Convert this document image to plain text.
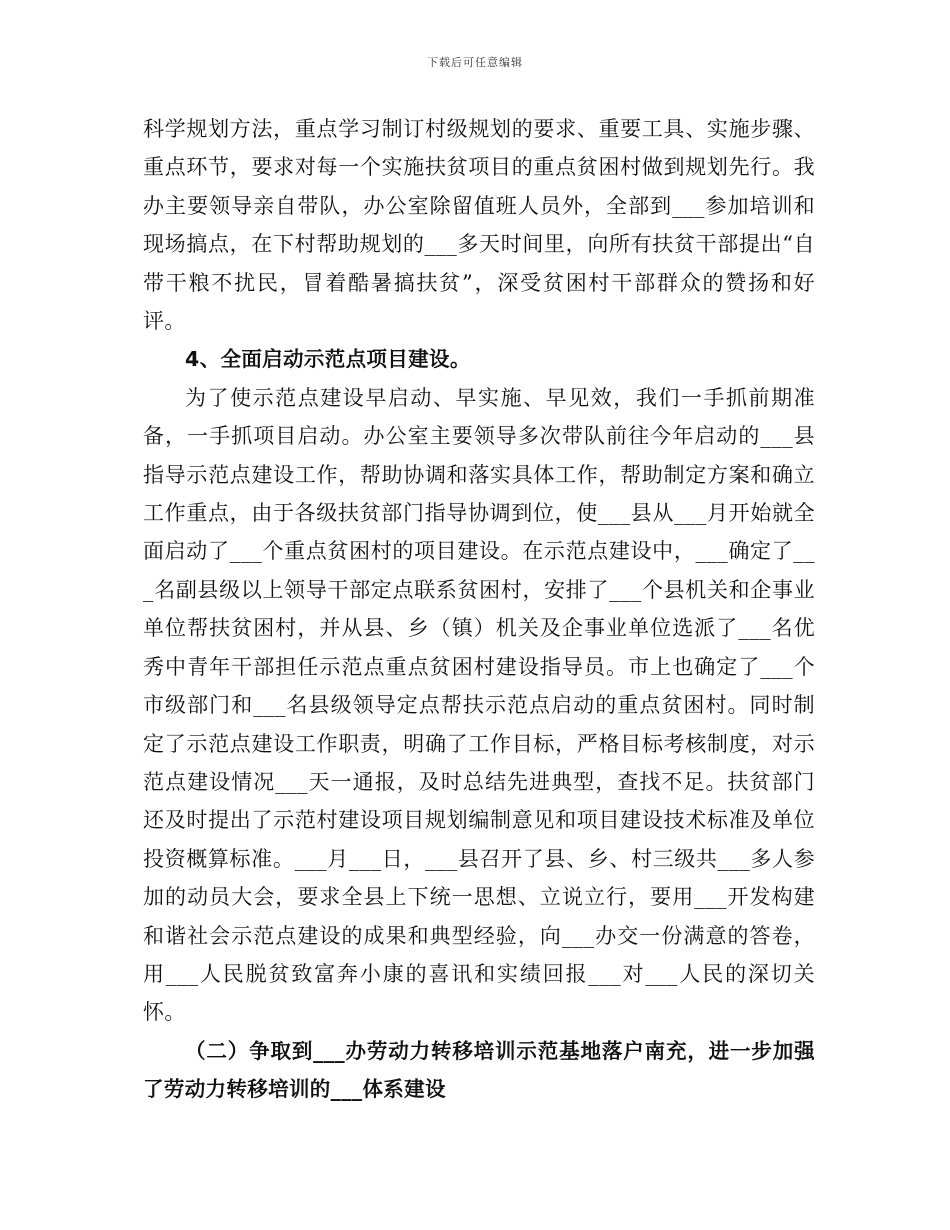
下载后可任意编辑

科学规划方法，重点学习制订村级规划的要求、重要工具、实施步骤、重点环节，要求对每一个实施扶贫项目的重点贫困村做到规划先行。我办主要领导亲自带队，办公室除留值班人员外，全部到___参加培训和现场搞点，在下村帮助规划的___多天时间里，向所有扶贫干部提出“自带干粮不扰民，冒着酷暑搞扶贫”，深受贫困村干部群众的赞扬和好评。

4、全面启动示范点项目建设。

为了使示范点建设早启动、早实施、早见效，我们一手抓前期准备，一手抓项目启动。办公室主要领导多次带队前往今年启动的___县指导示范点建设工作，帮助协调和落实具体工作，帮助制定方案和确立工作重点，由于各级扶贫部门指导协调到位，使___县从___月开始就全面启动了___个重点贫困村的项目建设。在示范点建设中，___确定了___名副县级以上领导干部定点联系贫困村，安排了___个县机关和企事业单位帮扶贫困村，并从县、乡（镇）机关及企事业单位选派了___名优秀中青年干部担任示范点重点贫困村建设指导员。市上也确定了___个市级部门和___名县级领导定点帮扶示范点启动的重点贫困村。同时制定了示范点建设工作职责，明确了工作目标，严格目标考核制度，对示范点建设情况___天一通报，及时总结先进典型，查找不足。扶贫部门还及时提出了示范村建设项目规划编制意见和项目建设技术标准及单位投资概算标准。___月___日，___县召开了县、乡、村三级共___多人参加的动员大会，要求全县上下统一思想、立说立行，要用___开发构建和谐社会示范点建设的成果和典型经验，向___办交一份满意的答卷，用___人民脱贫致富奔小康的喜讯和实绩回报___对___人民的深切关怀。

（二）争取到___办劳动力转移培训示范基地落户南充，进一步加强了劳动力转移培训的___体系建设
